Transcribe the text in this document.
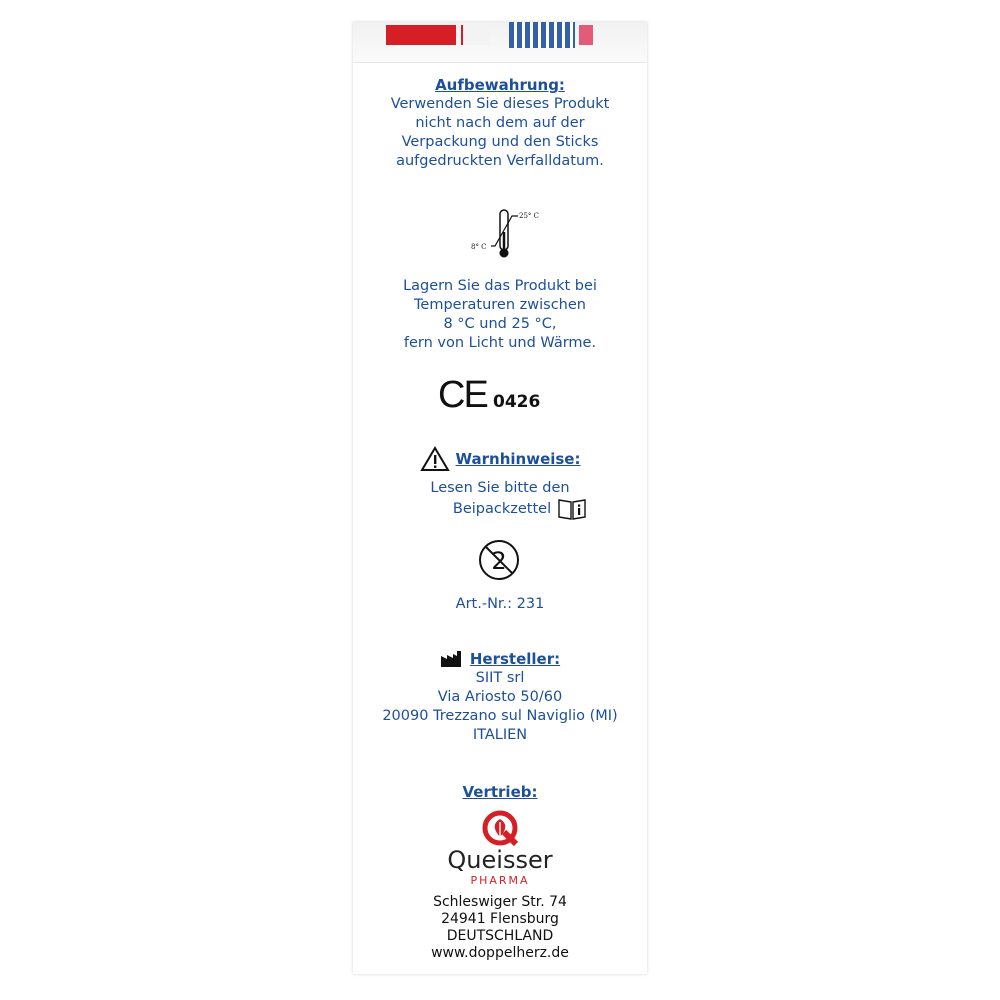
Aufbewahrung:
Verwenden Sie dieses Produkt
nicht nach dem auf der
Verpackung und den Sticks
aufgedruckten Verfalldatum.
25° C
8° C
Lagern Sie das Produkt bei
Temperaturen zwischen
8 °C und 25 °C,
fern von Licht und Wärme.
CE 0426
Warnhinweise:
Lesen Sie bitte den
Beipackzettel
2
Art.-Nr.: 231
Hersteller:
SIIT srl
Via Ariosto 50/60
20090 Trezzano sul Naviglio (MI)
ITALIEN
Vertrieb:
Queisser
PHARMA
Schleswiger Str. 74
24941 Flensburg
DEUTSCHLAND
www.doppelherz.de
